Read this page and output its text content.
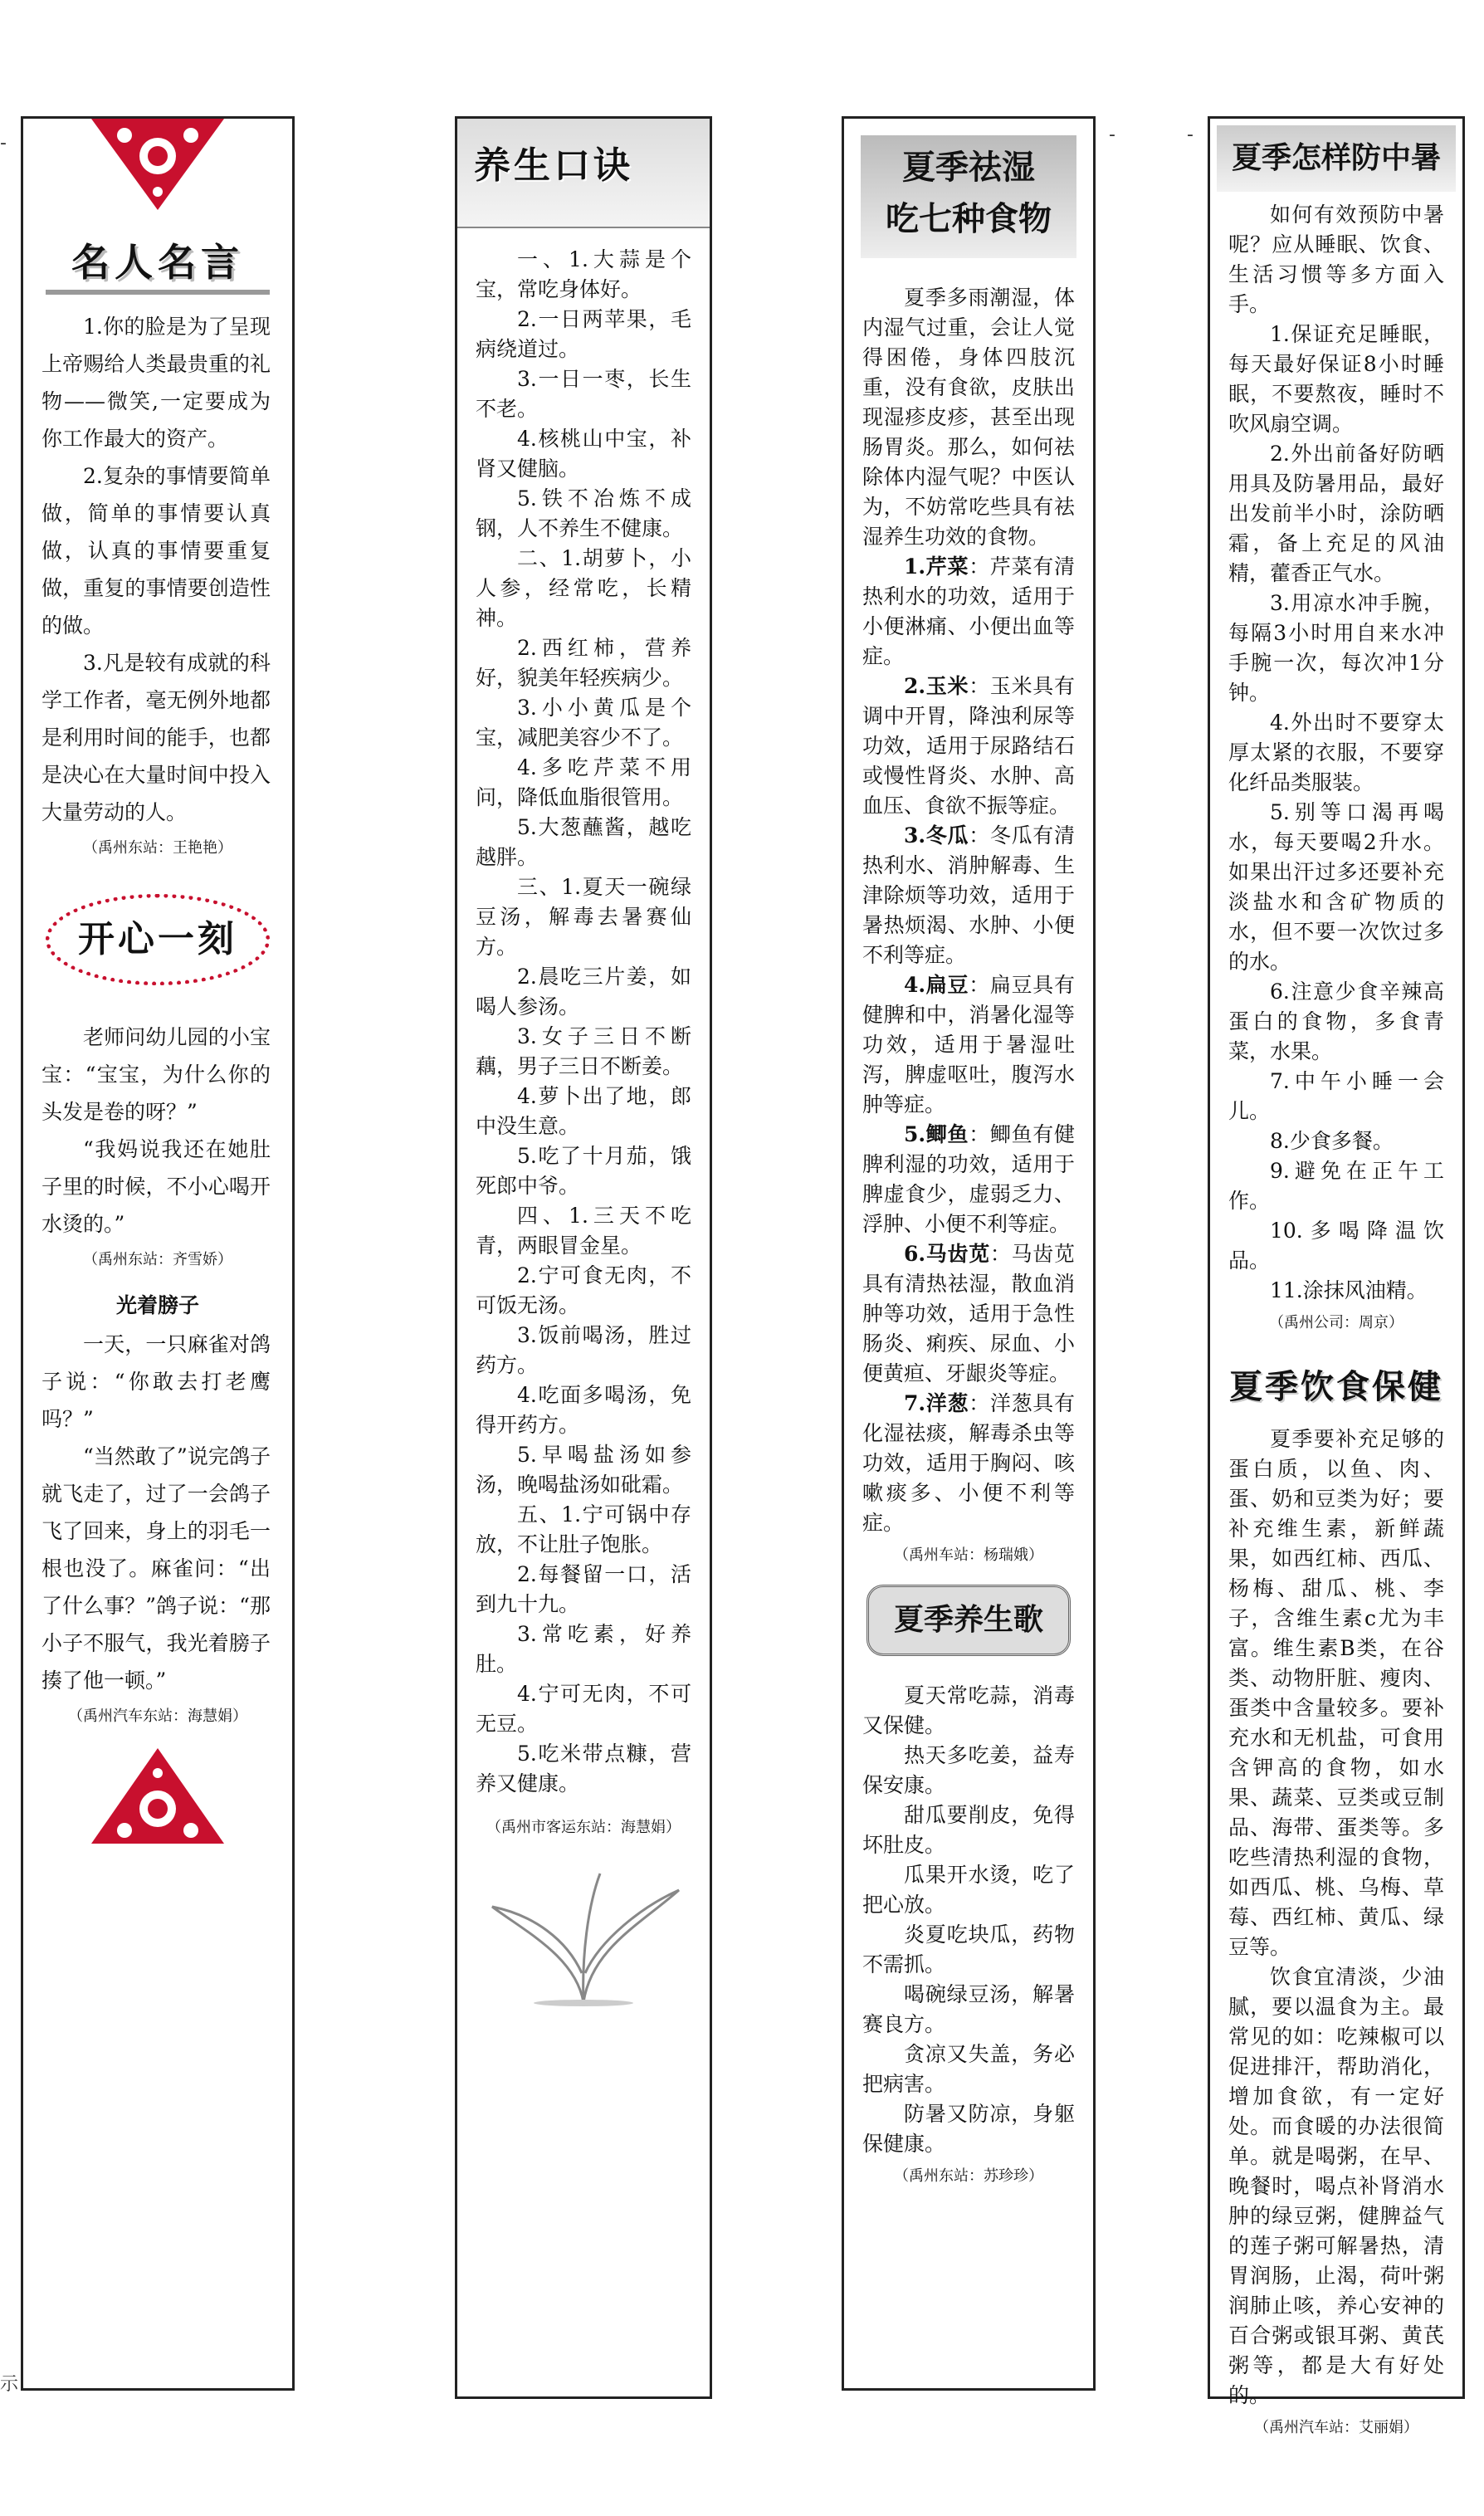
-	-	-
示
名人名言

1.你的脸是为了呈现上帝赐给人类最贵重的礼物——微笑,一定要成为你工作最大的资产。

2.复杂的事情要简单做，简单的事情要认真做，认真的事情要重复做，重复的事情要创造性的做。

3.凡是较有成就的科学工作者，毫无例外地都是利用时间的能手，也都是决心在大量时间中投入大量劳动的人。

（禹州东站：王艳艳）
开心一刻

老师问幼儿园的小宝宝：“宝宝，为什么你的头发是卷的呀？”

“我妈说我还在她肚子里的时候，不小心喝开水烫的。”

（禹州东站：齐雪娇）
光着膀子

一天，一只麻雀对鸽子说：“你敢去打老鹰吗？”

“当然敢了”说完鸽子就飞走了，过了一会鸽子飞了回来，身上的羽毛一根也没了。麻雀问：“出了什么事？”鸽子说：“那小子不服气，我光着膀子揍了他一顿。”

（禹州汽车东站：海慧娟）
养生口诀

一、1.大蒜是个宝，常吃身体好。

2.一日两苹果，毛病绕道过。

3.一日一枣，长生不老。

4.核桃山中宝，补肾又健脑。

5.铁不冶炼不成钢，人不养生不健康。

二、1.胡萝卜，小人参，经常吃，长精神。

2.西红柿，营养好，貌美年轻疾病少。

3.小小黄瓜是个宝，减肥美容少不了。

4.多吃芹菜不用问，降低血脂很管用。

5.大葱蘸酱，越吃越胖。

三、1.夏天一碗绿豆汤，解毒去暑赛仙方。

2.晨吃三片姜，如喝人参汤。

3.女子三日不断藕，男子三日不断姜。

4.萝卜出了地，郎中没生意。

5.吃了十月茄，饿死郎中爷。

四、1.三天不吃青，两眼冒金星。

2.宁可食无肉，不可饭无汤。

3.饭前喝汤，胜过药方。

4.吃面多喝汤，免得开药方。

5.早喝盐汤如参汤，晚喝盐汤如砒霜。

五、1.宁可锅中存放，不让肚子饱胀。

2.每餐留一口，活到九十九。

3.常吃素，好养肚。

4.宁可无肉，不可无豆。

5.吃米带点糠，营养又健康。

（禹州市客运东站：海慧娟）
夏季祛湿
吃七种食物

夏季多雨潮湿，体内湿气过重，会让人觉得困倦，身体四肢沉重，没有食欲，皮肤出现湿疹皮疹，甚至出现肠胃炎。那么，如何祛除体内湿气呢？中医认为，不妨常吃些具有祛湿养生功效的食物。

1.芹菜：芹菜有清热利水的功效，适用于小便淋痛、小便出血等症。

2.玉米：玉米具有调中开胃，降浊利尿等功效，适用于尿路结石或慢性肾炎、水肿、高血压、食欲不振等症。

3.冬瓜：冬瓜有清热利水、消肿解毒、生津除烦等功效，适用于暑热烦渴、水肿、小便不利等症。

4.扁豆：扁豆具有健脾和中，消暑化湿等功效，适用于暑湿吐泻，脾虚呕吐，腹泻水肿等症。

5.鲫鱼：鲫鱼有健脾利湿的功效，适用于脾虚食少，虚弱乏力、浮肿、小便不利等症。

6.马齿苋：马齿苋具有清热祛湿，散血消肿等功效，适用于急性肠炎、痢疾、尿血、小便黄疸、牙龈炎等症。

7.洋葱：洋葱具有化湿祛痰，解毒杀虫等功效，适用于胸闷、咳嗽痰多、小便不利等症。

（禹州车站：杨瑞娥）
夏季养生歌

夏天常吃蒜，消毒又保健。

热天多吃姜，益寿保安康。

甜瓜要削皮，免得坏肚皮。

瓜果开水烫，吃了把心放。

炎夏吃块瓜，药物不需抓。

喝碗绿豆汤，解暑赛良方。

贪凉又失盖，务必把病害。

防暑又防凉，身躯保健康。

（禹州东站：苏珍珍）
夏季怎样防中暑

如何有效预防中暑呢？应从睡眠、饮食、生活习惯等多方面入手。

1.保证充足睡眠，每天最好保证8小时睡眠，不要熬夜，睡时不吹风扇空调。

2.外出前备好防晒用具及防暑用品，最好出发前半小时，涂防晒霜，备上充足的风油精，藿香正气水。

3.用凉水冲手腕，每隔3小时用自来水冲手腕一次，每次冲1分钟。

4.外出时不要穿太厚太紧的衣服，不要穿化纤品类服装。

5.别等口渴再喝水，每天要喝2升水。如果出汗过多还要补充淡盐水和含矿物质的水，但不要一次饮过多的水。

6.注意少食辛辣高蛋白的食物，多食青菜，水果。

7.中午小睡一会儿。

8.少食多餐。

9.避免在正午工作。

10.多喝降温饮品。

11.涂抹风油精。

（禹州公司：周京）
夏季饮食保健

夏季要补充足够的蛋白质，以鱼、肉、蛋、奶和豆类为好；要补充维生素，新鲜蔬果，如西红柿、西瓜、杨梅、甜瓜、桃、李子，含维生素c尤为丰富。维生素B类，在谷类、动物肝脏、瘦肉、蛋类中含量较多。要补充水和无机盐，可食用含钾高的食物，如水果、蔬菜、豆类或豆制品、海带、蛋类等。多吃些清热利湿的食物，如西瓜、桃、乌梅、草莓、西红柿、黄瓜、绿豆等。

饮食宜清淡，少油腻，要以温食为主。最常见的如：吃辣椒可以促进排汗，帮助消化，增加食欲，有一定好处。而食暖的办法很简单。就是喝粥，在早、晚餐时，喝点补肾消水肿的绿豆粥，健脾益气的莲子粥可解暑热，清胃润肠，止渴，荷叶粥润肺止咳，养心安神的百合粥或银耳粥、黄芪粥等，都是大有好处的。

（禹州汽车站：艾丽娟）
